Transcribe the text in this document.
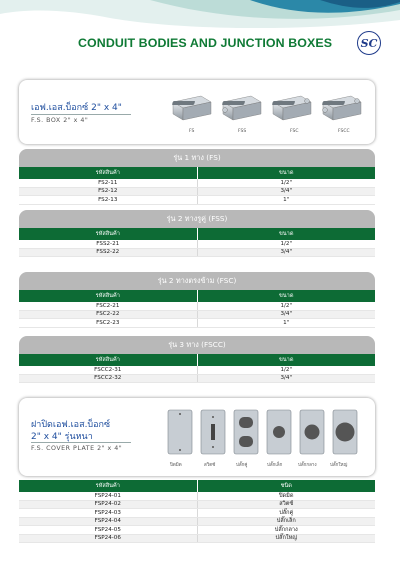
CONDUIT BODIES AND JUNCTION BOXES	SC
เอฟ.เอส.บ็อกซ์ 2" x 4"
F.S. BOX 2" x 4"
FS	FSS	FSC	FSCC
รุ่น 1 ทาง (FS)
รหัสสินค้า	ขนาด
FS2-11	1/2"
FS2-12	3/4"
FS2-13	1"
รุ่น 2 ทางรูคู่ (FSS)
รหัสสินค้า	ขนาด
FSS2-21	1/2"
FSS2-22	3/4"
รุ่น 2 ทางตรงข้าม (FSC)
รหัสสินค้า	ขนาด
FSC2-21	1/2"
FSC2-22	3/4"
FSC2-23	1"
รุ่น 3 ทาง (FSCC)
รหัสสินค้า	ขนาด
FSCC2-31	1/2"
FSCC2-32	3/4"
ฝาปิดเอฟ.เอส.บ็อกซ์
2" x 4" รุ่นหนา
F.S. COVER PLATE 2" x 4"
ปิดมิด	สวิตซ์	ปลั๊กคู่	ปลั๊กเล็ก	ปลั๊กกลาง	ปลั๊กใหญ่
รหัสสินค้า	ชนิด
FSP24-01	ปิดมิด
FSP24-02	สวิตซ์
FSP24-03	ปลั๊กคู่
FSP24-04	ปลั๊กเล็ก
FSP24-05	ปลั๊กกลาง
FSP24-06	ปลั๊กใหญ่
